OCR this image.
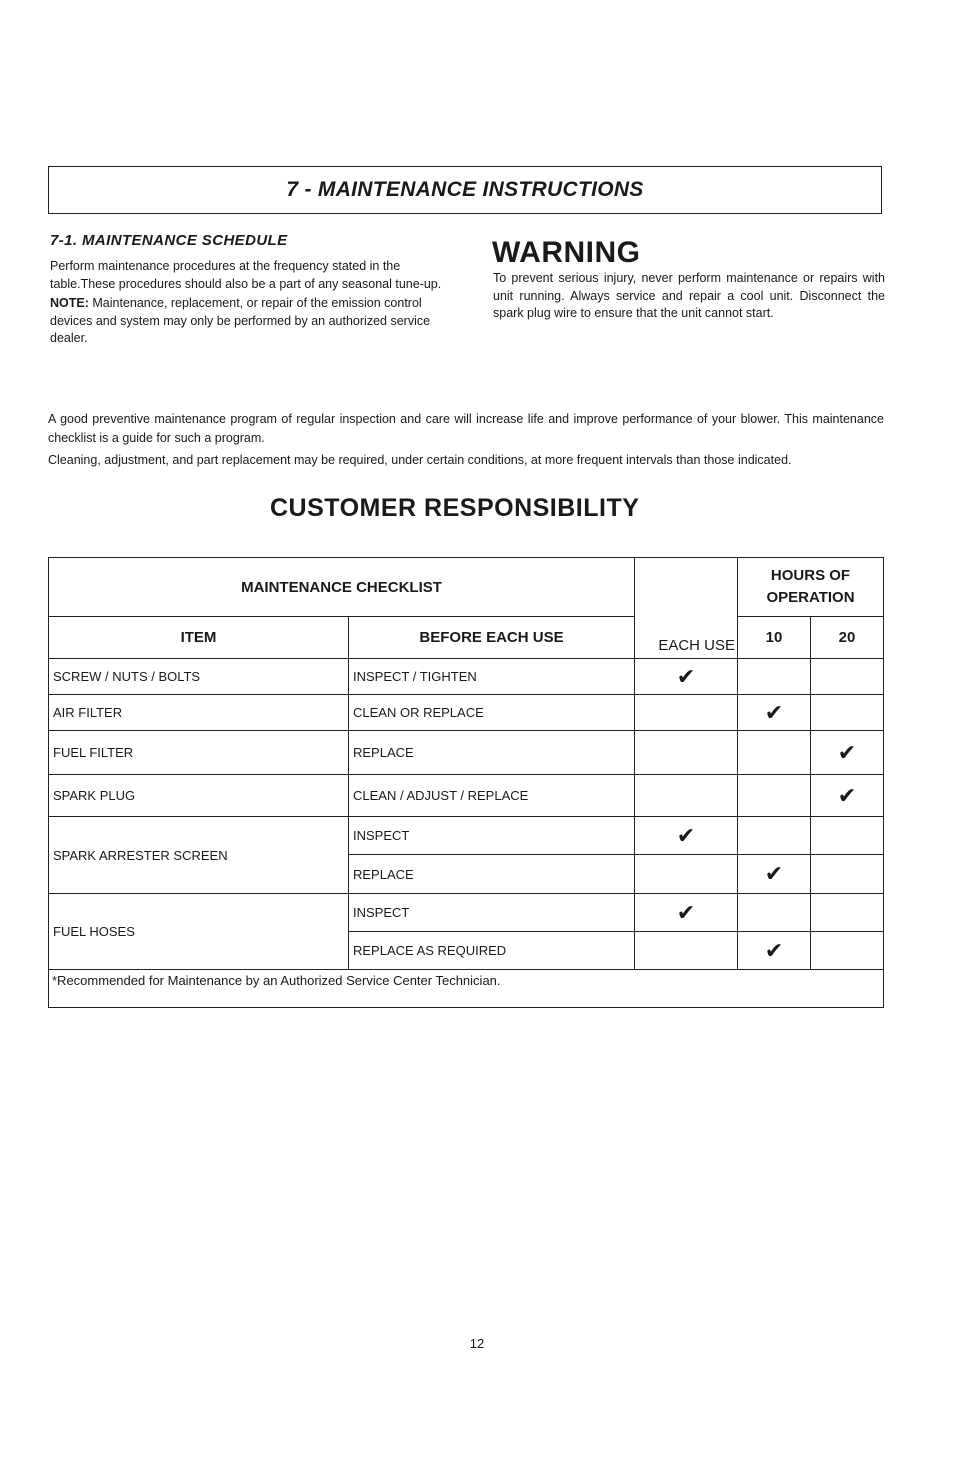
7 - MAINTENANCE INSTRUCTIONS
7-1. MAINTENANCE SCHEDULE

Perform maintenance procedures at the frequency stated in the table.These procedures should also be a part of any seasonal tune-up.

NOTE: Maintenance, replacement, or repair of the emission control devices and system may only be performed by an authorized service dealer.

WARNING
To prevent serious injury, never perform maintenance or repairs with unit running. Always service and repair a cool unit. Disconnect the spark plug wire to ensure that the unit cannot start.

A good preventive maintenance program of regular inspection and care will increase life and improve performance of your blower. This maintenance checklist is a guide for such a program.

Cleaning, adjustment, and part replacement may be required, under certain conditions, at more frequent intervals than those indicated.

CUSTOMER RESPONSIBILITY
MAINTENANCE CHECKLIST		EACH USE	HOURS OF
OPERATION	

ITEM	BEFORE EACH USE		10	20
SCREW / NUTS / BOLTS	INSPECT / TIGHTEN	✔		
AIR FILTER	CLEAN OR REPLACE		✔	
FUEL FILTER	REPLACE			✔
SPARK PLUG	CLEAN / ADJUST / REPLACE			✔
SPARK ARRESTER SCREEN	INSPECT	✔		
	REPLACE		✔	
FUEL HOSES	INSPECT	✔		
	REPLACE AS REQUIRED		✔	
*Recommended for Maintenance by an Authorized Service Center Technician.				
12
